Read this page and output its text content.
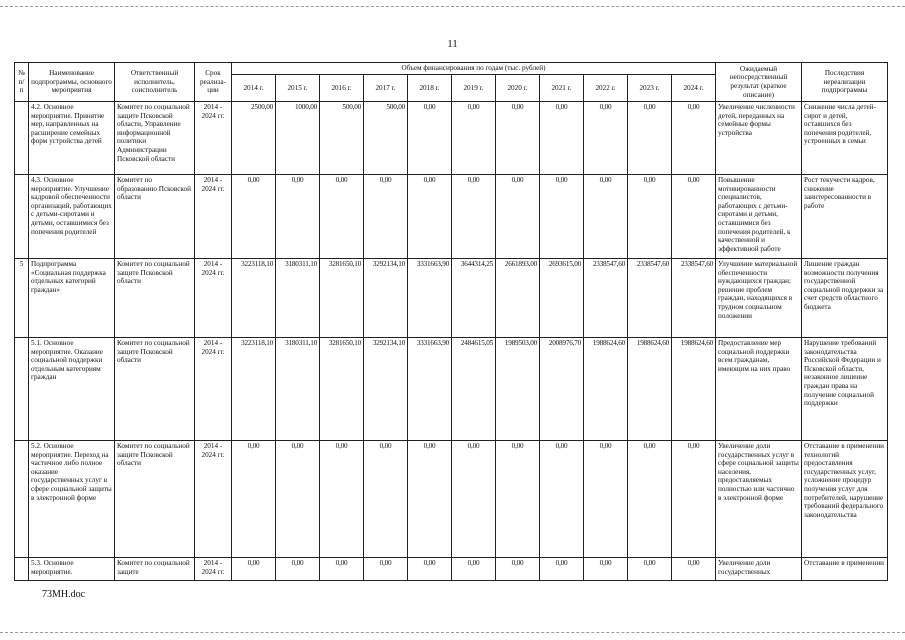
11
№ п/п	Наименование подпрограммы, основного мероприятия	Ответственный исполнитель, соисполнитель	Срок реализа-ции	Объем финансирования по годам (тыс. рублей)											Ожидаемый непосредственный результат (краткое описание)	Последствия нереализации подпрограммы
				2014 г.	2015 г.	2016 г.	2017 г.	2018 г.	2019 г.	2020 г.	2021 г.	2022 г.	2023 г.	2024 г.		
	4.2. Основное мероприятие. Принятие мер, направленных на расширение семейных форм устройства детей	Комитет по социальной защите Псковской области, Управление информационной политики Администрации Псковской области	2014 - 2024 гг.	2500,00	1000,00	500,00	500,00	0,00	0,00	0,00	0,00	0,00	0,00	0,00	Увеличение численности детей, переданных на семейные формы устройства	Снижение числа детей-сирот и детей, оставшихся без попечения родителей, устроенных в семьи
	4.3. Основное мероприятие. Улучшение кадровой обеспеченности организаций, работающих с детьми-сиротами и детьми, оставшимися без попечения родителей	Комитет по образованию Псковской области	2014 - 2024 гг.	0,00	0,00	0,00	0,00	0,00	0,00	0,00	0,00	0,00	0,00	0,00	Повышение мотивированности специалистов, работающих с детьми-сиротами и детьми, оставшимися без попечения родителей, к качественной и эффективной работе	Рост текучести кадров, снижение заинтересованности в работе
5	Подпрограмма «Социальная поддержка отдельных категорий граждан»	Комитет по социальной защите Псковской области	2014 - 2024 гг.	3223118,10	3180311,10	3281650,10	3292134,10	3331663,90	3644314,25	2661893,00	2693615,00	2338547,60	2338547,60	2338547,60	Улучшение материальной обеспеченности нуждающихся граждан; решение проблем граждан, находящихся в трудном социальном положении	Лишение граждан возможности получения государственной социальной поддержки за счет средств областного бюджета
	5.1. Основное мероприятие. Оказание социальной поддержки отдельным категориям граждан	Комитет по социальной защите Псковской области	2014 - 2024 гг.	3223118,10	3180311,10	3281650,10	3292134,10	3331663,90	2484615,05	1989503,00	2008976,70	1988624,60	1988624,60	1988624,60	Предоставление мер социальной поддержки всем гражданам, имеющим на них право	Нарушение требований законодательства Российской Федерации и Псковской области, незаконное лишение граждан права на получение социальной поддержки
	5.2. Основное мероприятие. Переход на частичное либо полное оказание государственных услуг в сфере социальной защиты в электронной форме	Комитет по социальной защите Псковской области	2014 - 2024 гг.	0,00	0,00	0,00	0,00	0,00	0,00	0,00	0,00	0,00	0,00	0,00	Увеличение доли государственных услуг в сфере социальной защиты населения, предоставляемых полностью или частично в электронной форме	Отставание в применении технологий предоставления государственных услуг, усложнение процедур получения услуг для потребителей, нарушение требований федерального законодательства
	5.3. Основное мероприятие.	Комитет по социальной защите	2014 - 2024 гг.	0,00	0,00	0,00	0,00	0,00	0,00	0,00	0,00	0,00	0,00	0,00	Увеличение доли государственных	Отставание в применении
73MH.doc
